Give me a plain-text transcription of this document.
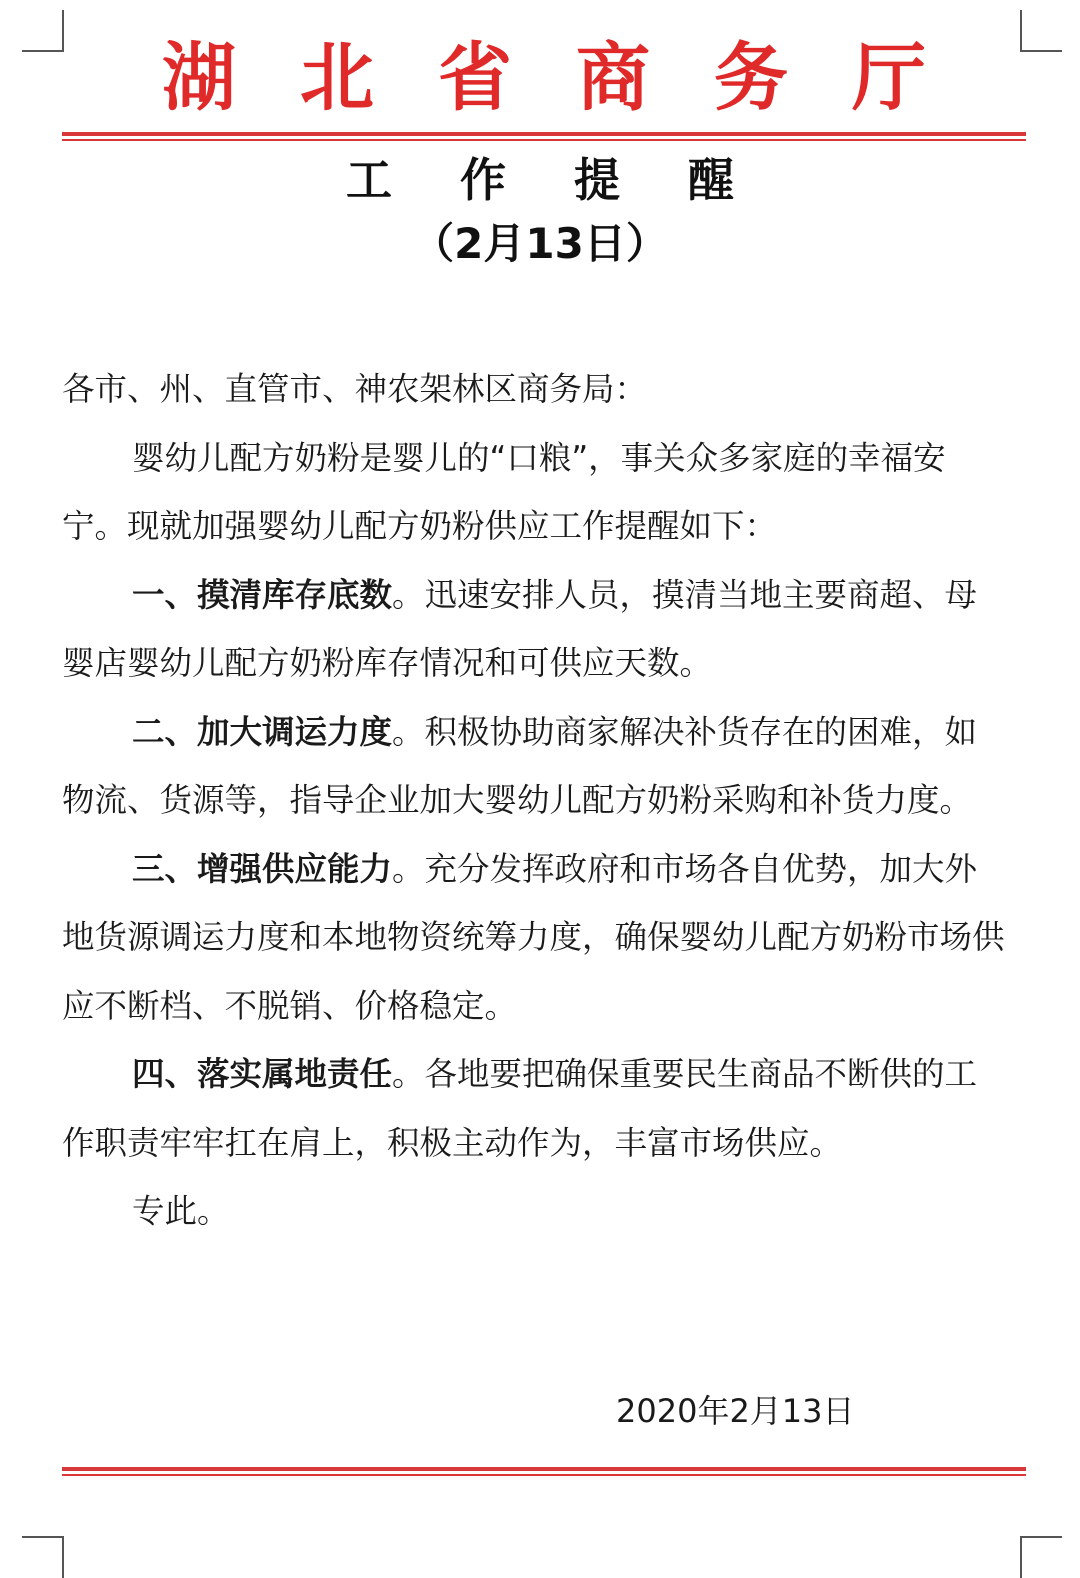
湖 北 省 商 务 厅
工 作 提 醒
（2月13日）

各市、州、直管市、神农架林区商务局：

婴幼儿配方奶粉是婴儿的“口粮”，事关众多家庭的幸福安宁。现就加强婴幼儿配方奶粉供应工作提醒如下：

一、摸清库存底数。迅速安排人员，摸清当地主要商超、母婴店婴幼儿配方奶粉库存情况和可供应天数。

二、加大调运力度。积极协助商家解决补货存在的困难，如物流、货源等，指导企业加大婴幼儿配方奶粉采购和补货力度。

三、增强供应能力。充分发挥政府和市场各自优势，加大外地货源调运力度和本地物资统筹力度，确保婴幼儿配方奶粉市场供应不断档、不脱销、价格稳定。

四、落实属地责任。各地要把确保重要民生商品不断供的工作职责牢牢扛在肩上，积极主动作为，丰富市场供应。

专此。

2020年2月13日
